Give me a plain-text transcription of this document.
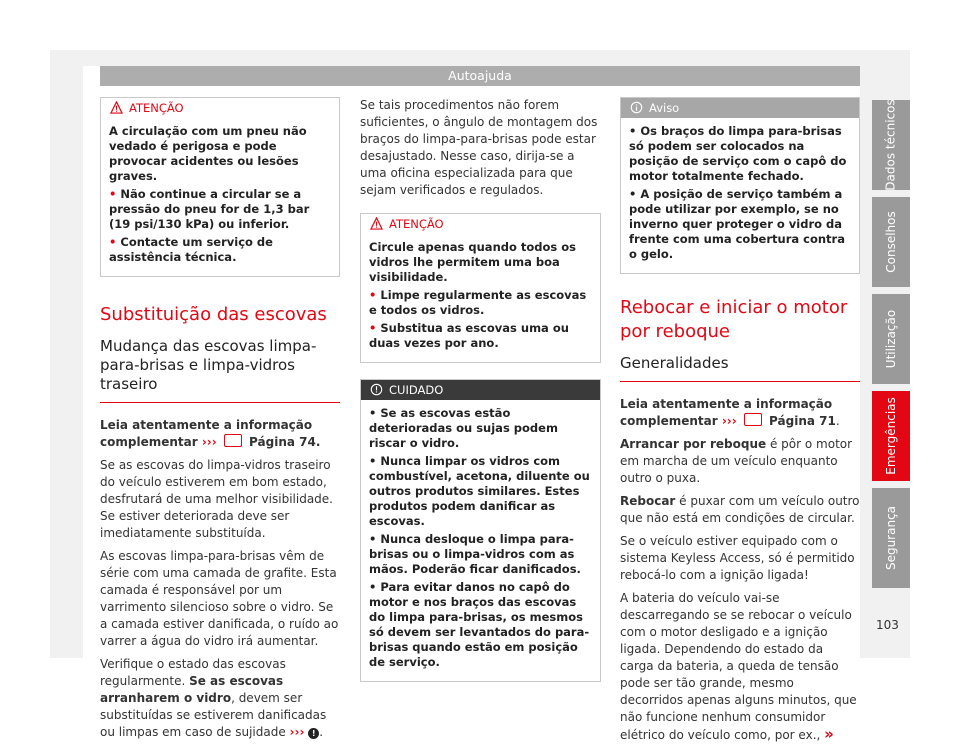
Autoajuda
ATENÇÃO

A circulação com um pneu não vedado é perigosa e pode provocar acidentes ou lesões graves.

• Não continue a circular se a pressão do pneu for de 1,3 bar (19 psi/130 kPa) ou inferior.

• Contacte um serviço de assistência técnica.

Substituição das escovas
Mudança das escovas limpa-para-brisas e limpa-vidros traseiro

Leia atentamente a informação complementar ›››	Página 74.

Se as escovas do limpa-vidros traseiro do veículo estiverem em bom estado, desfrutará de uma melhor visibilidade. Se estiver deteriorada deve ser imediatamente substituída.

As escovas limpa-para-brisas vêm de série com uma camada de grafite. Esta camada é responsável por um varrimento silencioso sobre o vidro. Se a camada estiver danificada, o ruído ao varrer a água do vidro irá aumentar.

Verifique o estado das escovas regularmente. Se as escovas arranharem o vidro, devem ser substituídas se estiverem danificadas ou limpas em caso de sujidade ››› ! .

Se tais procedimentos não forem suficientes, o ângulo de montagem dos braços do limpa-para-brisas pode estar desajustado. Nesse caso, dirija-se a uma oficina especializada para que sejam verificados e regulados.

ATENÇÃO

Circule apenas quando todos os vidros lhe permitem uma boa visibilidade.

• Limpe regularmente as escovas e todos os vidros.

• Substitua as escovas uma ou duas vezes por ano.

CUIDADO

• Se as escovas estão deterioradas ou sujas podem riscar o vidro.

• Nunca limpar os vidros com combustível, acetona, diluente ou outros produtos similares. Estes produtos podem danificar as escovas.

• Nunca desloque o limpa para-brisas ou o limpa-vidros com as mãos. Poderão ficar danificados.

• Para evitar danos no capô do motor e nos braços das escovas do limpa para-brisas, os mesmos só devem ser levantados do para-brisas quando estão em posição de serviço.

Aviso

• Os braços do limpa para-brisas só podem ser colocados na posição de serviço com o capô do motor totalmente fechado.

• A posição de serviço também a pode utilizar por exemplo, se no inverno quer proteger o vidro da frente com uma cobertura contra o gelo.

Rebocar e iniciar o motor por reboque
Generalidades

Leia atentamente a informação complementar ›››	Página 71.

Arrancar por reboque é pôr o motor em marcha de um veículo enquanto outro o puxa.

Rebocar é puxar com um veículo outro que não está em condições de circular.

Se o veículo estiver equipado com o sistema Keyless Access, só é permitido rebocá-lo com a ignição ligada!

A bateria do veículo vai-se descarregando se se rebocar o veículo com o motor desligado e a ignição ligada. Dependendo do estado da carga da bateria, a queda de tensão pode ser tão grande, mesmo decorridos apenas alguns minutos, que não funcione nenhum consumidor elétrico do veículo como, por ex., »

Dados técnicos
Conselhos
Utilização
Emergências
Segurança
103
